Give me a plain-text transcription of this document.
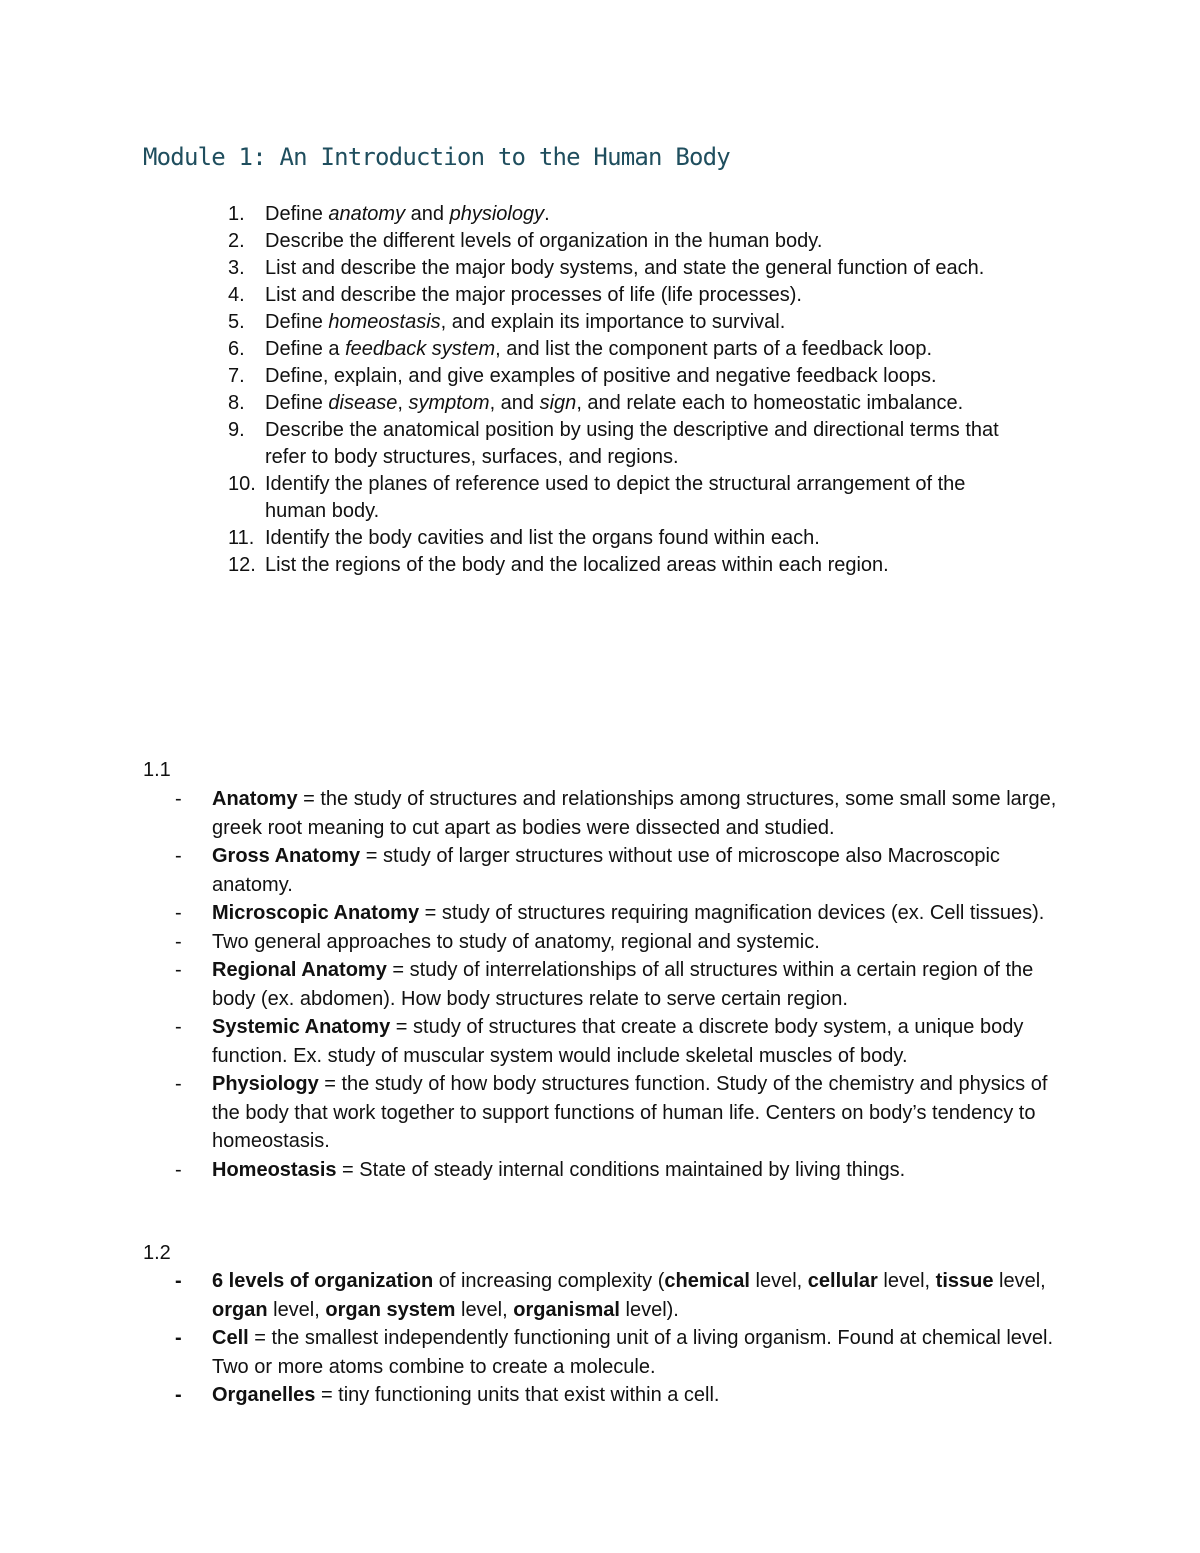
Module 1: An Introduction to the Human Body
1. Define anatomy and physiology.
2. Describe the different levels of organization in the human body.
3. List and describe the major body systems, and state the general function of each.
4. List and describe the major processes of life (life processes).
5. Define homeostasis, and explain its importance to survival.
6. Define a feedback system, and list the component parts of a feedback loop.
7. Define, explain, and give examples of positive and negative feedback loops.
8. Define disease, symptom, and sign, and relate each to homeostatic imbalance.
9. Describe the anatomical position by using the descriptive and directional terms that refer to body structures, surfaces, and regions.
10. Identify the planes of reference used to depict the structural arrangement of the human body.
11. Identify the body cavities and list the organs found within each.
12. List the regions of the body and the localized areas within each region.

1.1

- Anatomy = the study of structures and relationships among structures, some small some large, greek root meaning to cut apart as bodies were dissected and studied.
- Gross Anatomy = study of larger structures without use of microscope also Macroscopic anatomy.
- Microscopic Anatomy = study of structures requiring magnification devices (ex. Cell tissues).
- Two general approaches to study of anatomy, regional and systemic.
- Regional Anatomy = study of interrelationships of all structures within a certain region of the body (ex. abdomen). How body structures relate to serve certain region.
- Systemic Anatomy = study of structures that create a discrete body system, a unique body function. Ex. study of muscular system would include skeletal muscles of body.
- Physiology = the study of how body structures function. Study of the chemistry and physics of the body that work together to support functions of human life. Centers on body’s tendency to homeostasis.
- Homeostasis = State of steady internal conditions maintained by living things.

1.2

- 6 levels of organization of increasing complexity (chemical level, cellular level, tissue level, organ level, organ system level, organismal level).
- Cell = the smallest independently functioning unit of a living organism. Found at chemical level. Two or more atoms combine to create a molecule.
- Organelles = tiny functioning units that exist within a cell.
